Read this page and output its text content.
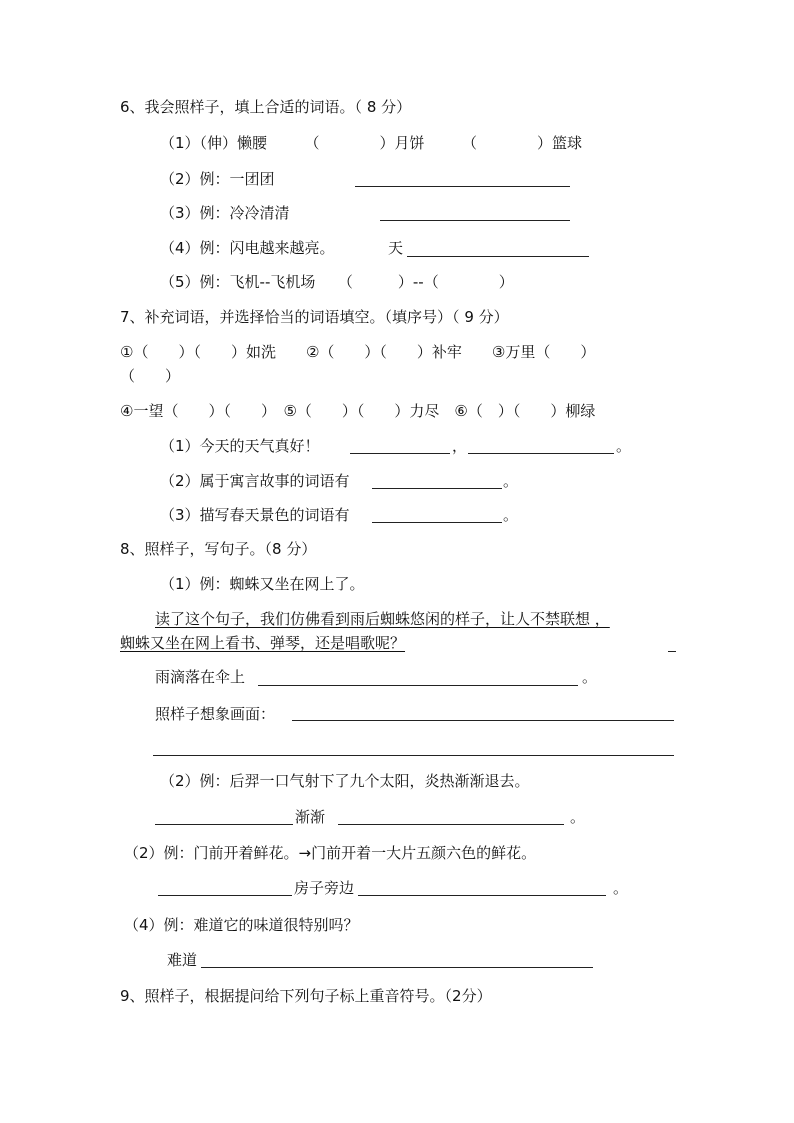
6、我会照样子，填上合适的词语。（ 8 分）
（1）（伸）懒腰　　　（　　　　）月饼　　　（　　　　）篮球
（2）例：一团团
（3）例：冷冷清清
（4）例：闪电越来越亮。	天
（5）例：飞机--飞机场　　（　　　）--（　　　　）
7、补充词语，并选择恰当的词语填空。（填序号）（ 9 分）
①（　　）（　　）如洗　　②（　　）（　　）补牢　　③万里（　　）
（　　）
④一望（　　）（　　）　⑤（　　）（　　）力尽　⑥（　）（　　）柳绿
（1）今天的天气真好！	，	。
（2）属于寓言故事的词语有	。
（3）描写春天景色的词语有	。
8、照样子，写句子。（8 分）
（1）例：蜘蛛又坐在网上了。
读了这个句子，我们仿佛看到雨后蜘蛛悠闲的样子，让人不禁联想 ，
蜘蛛又坐在网上看书、弹琴，还是唱歌呢？
雨滴落在伞上	。
照样子想象画面：
（2）例：后羿一口气射下了九个太阳，炎热渐渐退去。
渐渐	。
（2）例：门前开着鲜花。→门前开着一大片五颜六色的鲜花。
房子旁边	。
（4）例：难道它的味道很特别吗？
难道
9、照样子，根据提问给下列句子标上重音符号。（2分）
